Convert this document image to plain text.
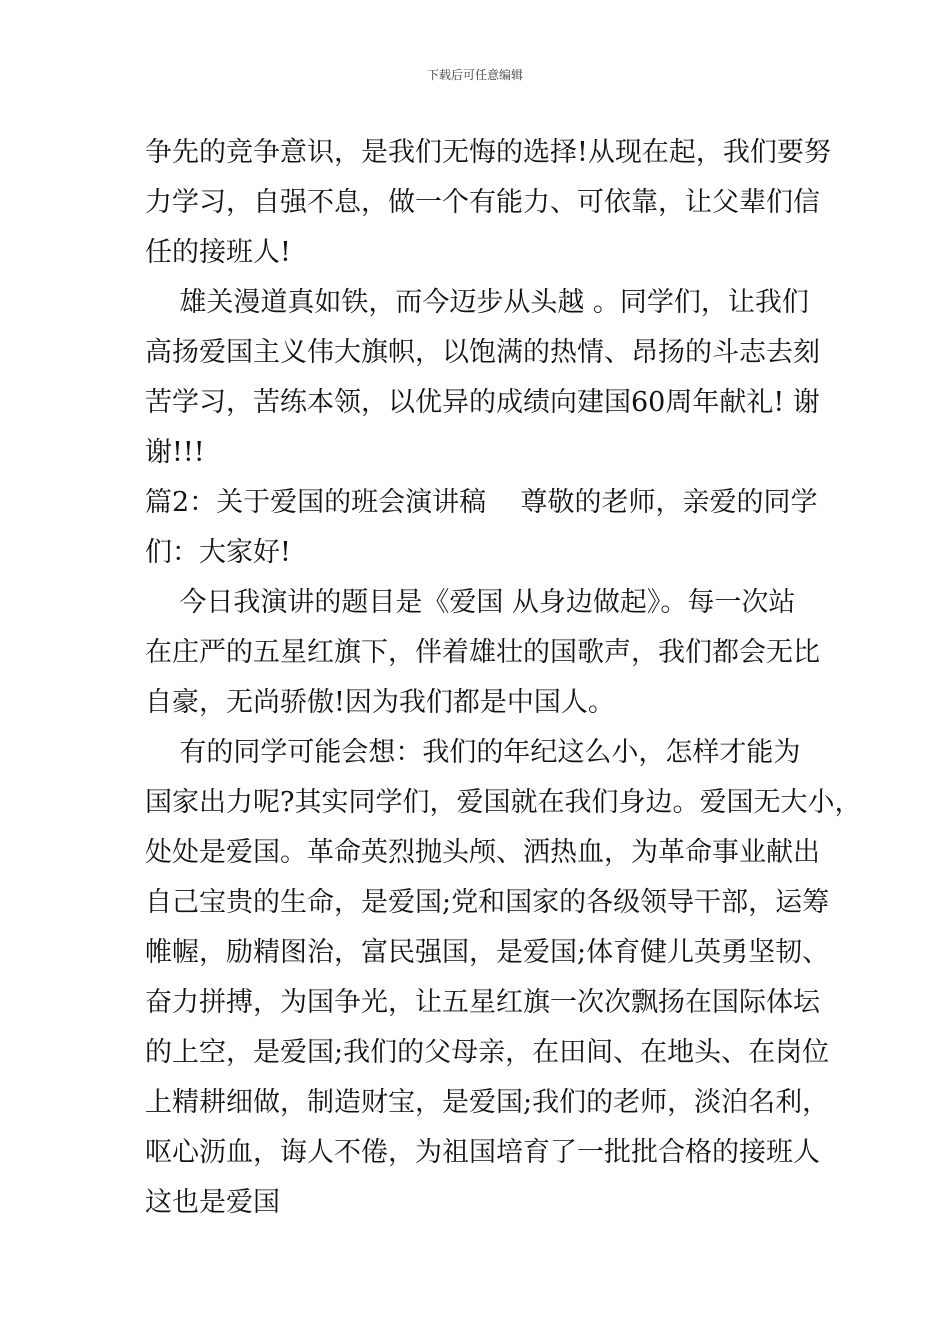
下载后可任意编辑
争先的竞争意识，是我们无悔的选择!从现在起，我们要努
力学习，自强不息，做一个有能力、可依靠，让父辈们信
任的接班人!
雄关漫道真如铁，而今迈步从头越 。同学们，让我们
高扬爱国主义伟大旗帜，以饱满的热情、昂扬的斗志去刻
苦学习，苦练本领，以优异的成绩向建国60周年献礼! 谢
谢!!!
篇2：关于爱国的班会演讲稿    尊敬的老师，亲爱的同学
们：大家好!
今日我演讲的题目是《爱国 从身边做起》。每一次站
在庄严的五星红旗下，伴着雄壮的国歌声，我们都会无比
自豪，无尚骄傲!因为我们都是中国人。
有的同学可能会想：我们的年纪这么小，怎样才能为
国家出力呢?其实同学们，爱国就在我们身边。爱国无大小，
处处是爱国。革命英烈抛头颅、洒热血，为革命事业献出
自己宝贵的生命，是爱国;党和国家的各级领导干部，运筹
帷幄，励精图治，富民强国，是爱国;体育健儿英勇坚韧、
奋力拼搏，为国争光，让五星红旗一次次飘扬在国际体坛
的上空，是爱国;我们的父母亲，在田间、在地头、在岗位
上精耕细做，制造财宝，是爱国;我们的老师，淡泊名利，
呕心沥血，诲人不倦，为祖国培育了一批批合格的接班人
这也是爱国
